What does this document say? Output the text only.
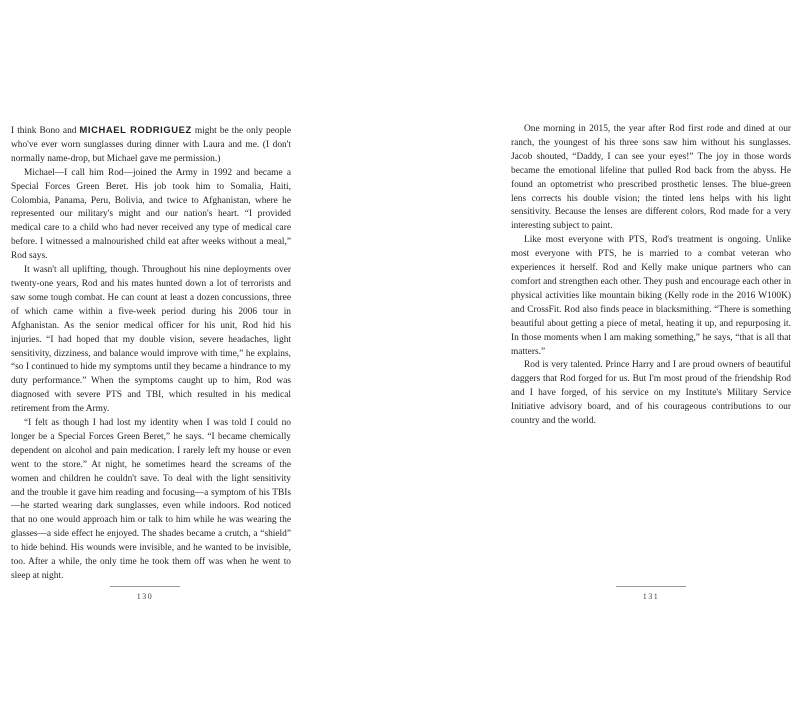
I think Bono and MICHAEL RODRIGUEZ might be the only people who've ever worn sunglasses during dinner with Laura and me. (I don't normally name-drop, but Michael gave me permission.)

Michael—I call him Rod—joined the Army in 1992 and became a Special Forces Green Beret. His job took him to Somalia, Haiti, Colombia, Panama, Peru, Bolivia, and twice to Afghanistan, where he represented our military's might and our nation's heart. “I provided medical care to a child who had never received any type of medical care before. I witnessed a malnourished child eat after weeks without a meal,” Rod says.

It wasn't all uplifting, though. Throughout his nine deployments over twenty-one years, Rod and his mates hunted down a lot of terrorists and saw some tough combat. He can count at least a dozen concussions, three of which came within a five-week period during his 2006 tour in Afghanistan. As the senior medical officer for his unit, Rod hid his injuries. “I had hoped that my double vision, severe headaches, light sensitivity, dizziness, and balance would improve with time,” he explains, “so I continued to hide my symptoms until they became a hindrance to my duty performance.” When the symptoms caught up to him, Rod was diagnosed with severe PTS and TBI, which resulted in his medical retirement from the Army.

“I felt as though I had lost my identity when I was told I could no longer be a Special Forces Green Beret,” he says. “I became chemically dependent on alcohol and pain medication. I rarely left my house or even went to the store.” At night, he sometimes heard the screams of the women and children he couldn't save. To deal with the light sensitivity and the trouble it gave him reading and focusing—a symptom of his TBIs—he started wearing dark sunglasses, even while indoors. Rod noticed that no one would approach him or talk to him while he was wearing the glasses—a side effect he enjoyed. The shades became a crutch, a “shield” to hide behind. His wounds were invisible, and he wanted to be invisible, too. After a while, the only time he took them off was when he went to sleep at night.

130

One morning in 2015, the year after Rod first rode and dined at our ranch, the youngest of his three sons saw him without his sunglasses. Jacob shouted, “Daddy, I can see your eyes!” The joy in those words became the emotional lifeline that pulled Rod back from the abyss. He found an optometrist who prescribed prosthetic lenses. The blue-green lens corrects his double vision; the tinted lens helps with his light sensitivity. Because the lenses are different colors, Rod made for a very interesting subject to paint.

Like most everyone with PTS, Rod's treatment is ongoing. Unlike most everyone with PTS, he is married to a combat veteran who experiences it herself. Rod and Kelly make unique partners who can comfort and strengthen each other. They push and encourage each other in physical activities like mountain biking (Kelly rode in the 2016 W100K) and CrossFit. Rod also finds peace in blacksmithing. “There is something beautiful about getting a piece of metal, heating it up, and repurposing it. In those moments when I am making something,” he says, “that is all that matters.”

Rod is very talented. Prince Harry and I are proud owners of beautiful daggers that Rod forged for us. But I'm most proud of the friendship Rod and I have forged, of his service on my Institute's Military Service Initiative advisory board, and of his courageous contributions to our country and the world.

131
